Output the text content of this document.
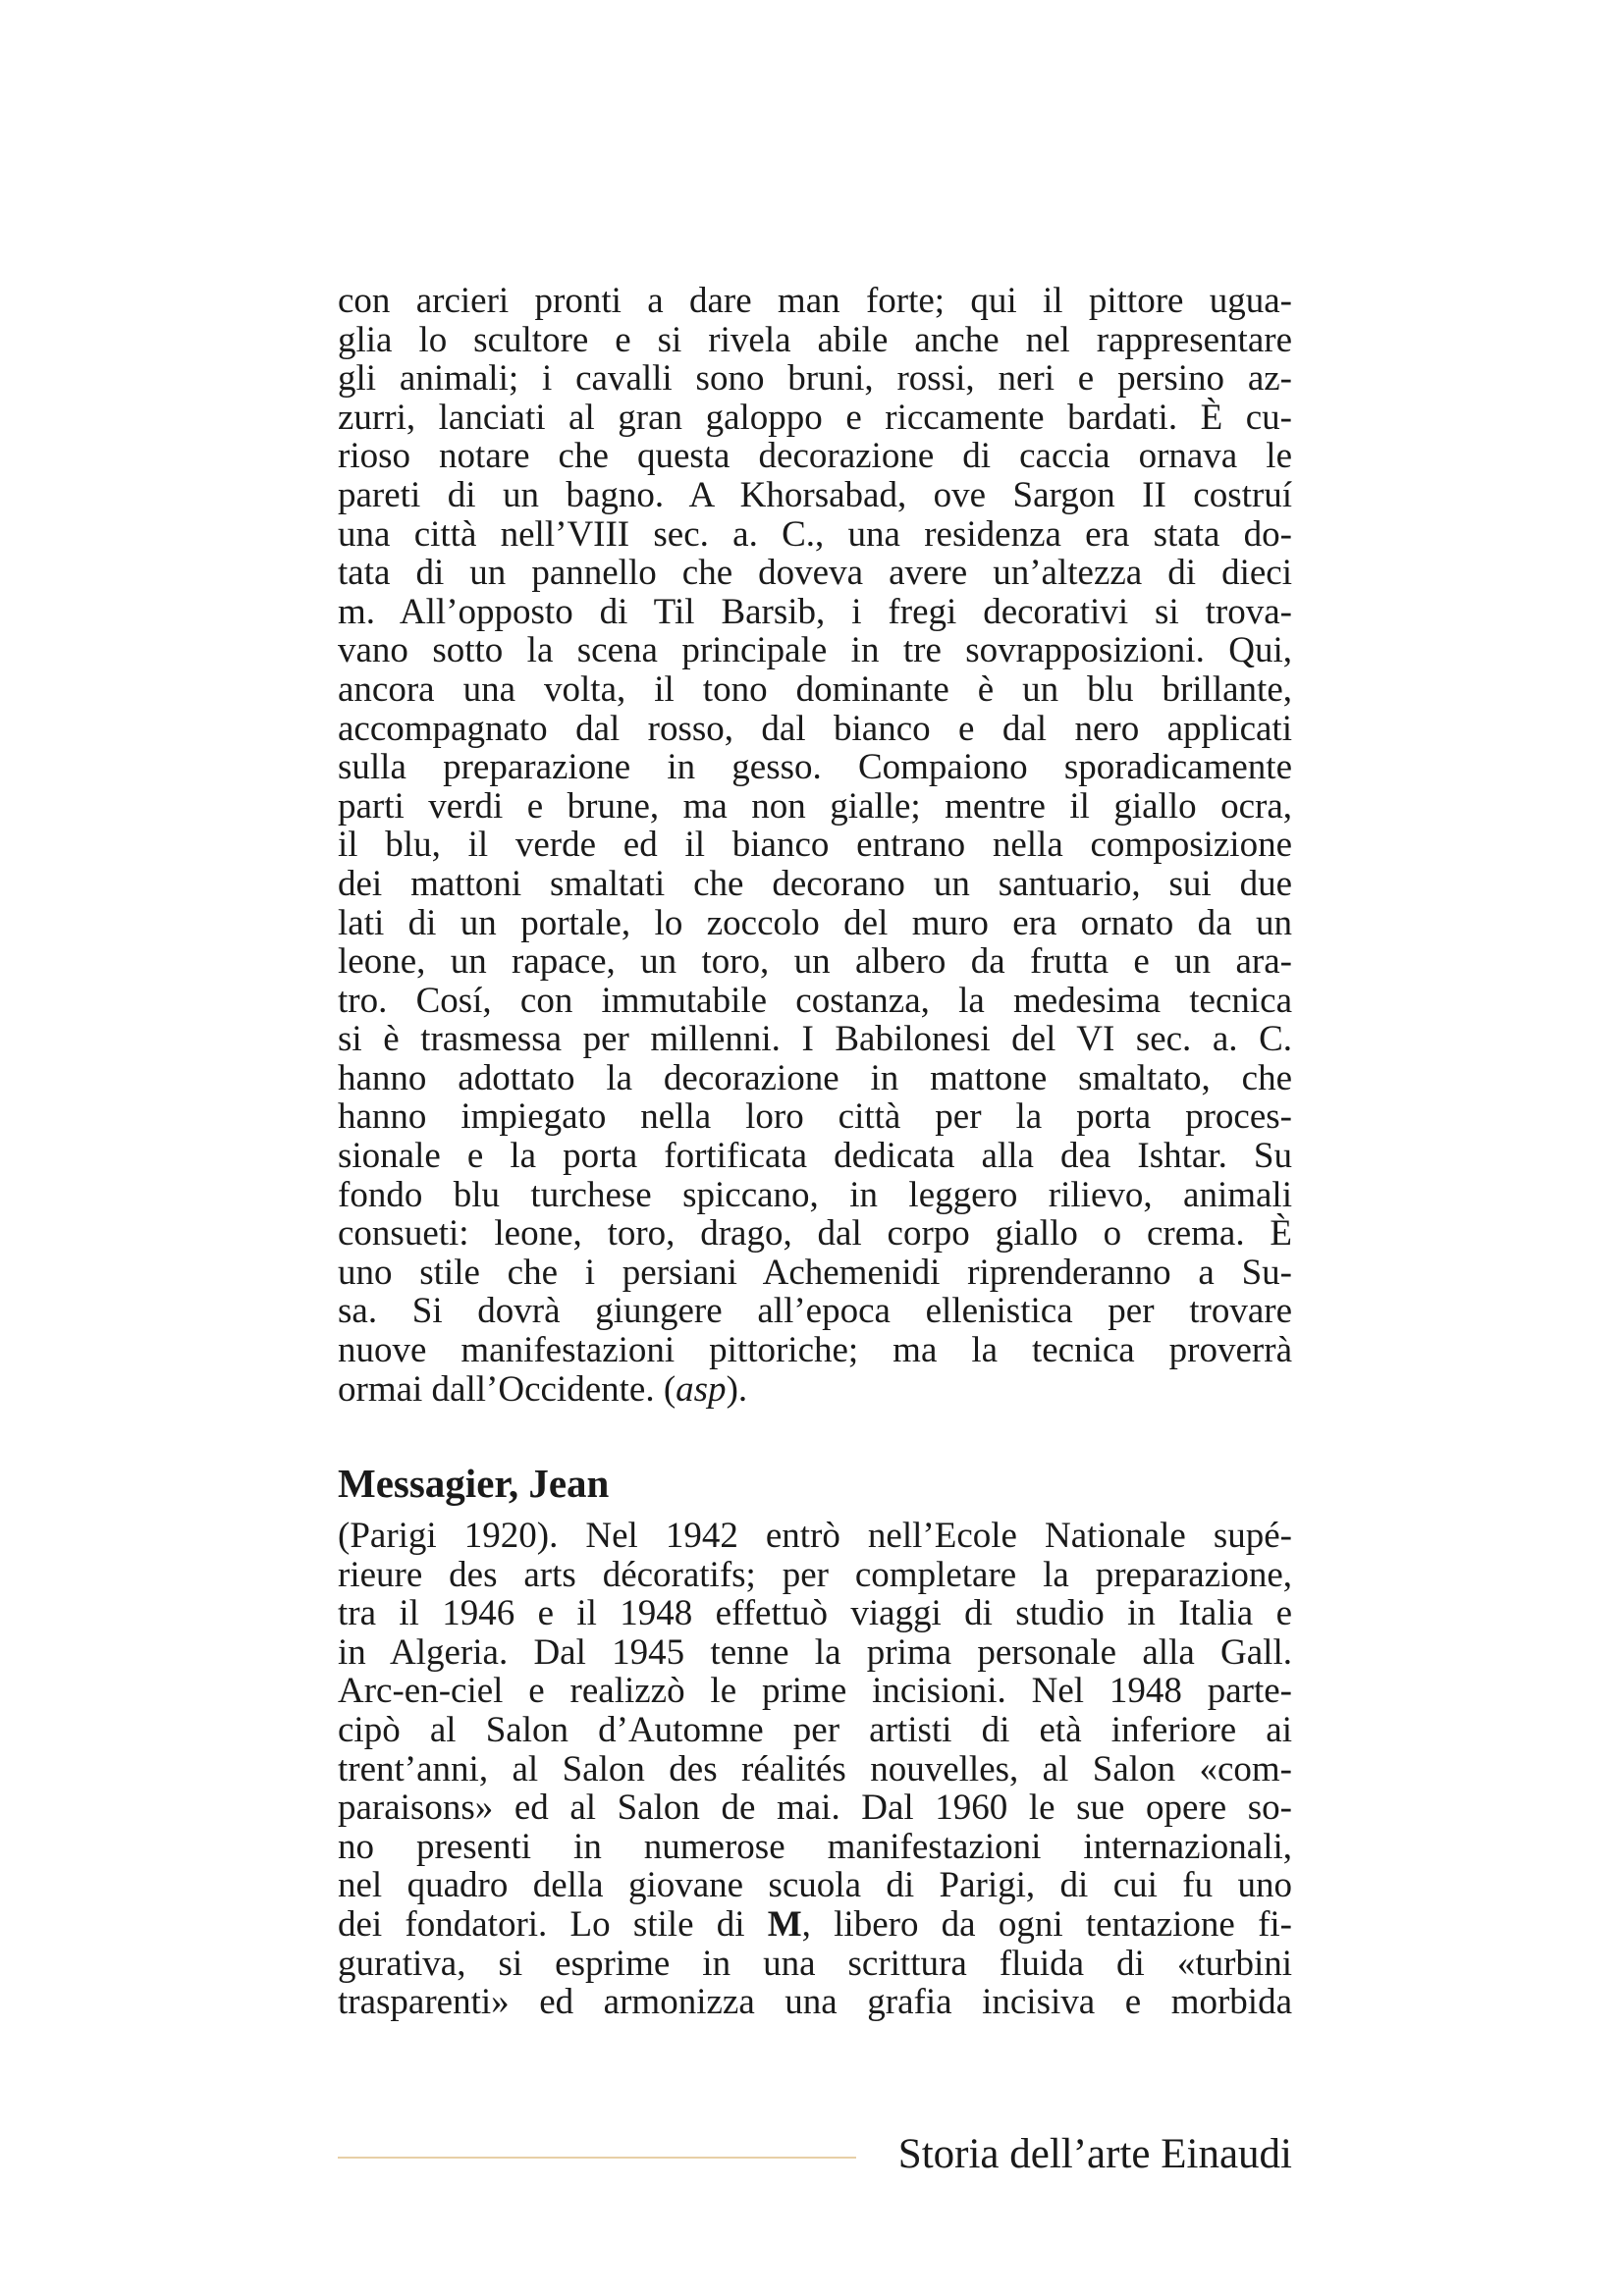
con arcieri pronti a dare man forte; qui il pittore ugua-
glia lo scultore e si rivela abile anche nel rappresentare
gli animali; i cavalli sono bruni, rossi, neri e persino az-
zurri, lanciati al gran galoppo e riccamente bardati. È cu-
rioso notare che questa decorazione di caccia ornava le
pareti di un bagno. A Khorsabad, ove Sargon II costruí
una città nell’VIII sec. a. C., una residenza era stata do-
tata di un pannello che doveva avere un’altezza di dieci
m. All’opposto di Til Barsib, i fregi decorativi si trova-
vano sotto la scena principale in tre sovrapposizioni. Qui,
ancora una volta, il tono dominante è un blu brillante,
accompagnato dal rosso, dal bianco e dal nero applicati
sulla preparazione in gesso. Compaiono sporadicamente
parti verdi e brune, ma non gialle; mentre il giallo ocra,
il blu, il verde ed il bianco entrano nella composizione
dei mattoni smaltati che decorano un santuario, sui due
lati di un portale, lo zoccolo del muro era ornato da un
leone, un rapace, un toro, un albero da frutta e un ara-
tro. Cosí, con immutabile costanza, la medesima tecnica
si è trasmessa per millenni. I Babilonesi del VI sec. a. C.
hanno adottato la decorazione in mattone smaltato, che
hanno impiegato nella loro città per la porta proces-
sionale e la porta fortificata dedicata alla dea Ishtar. Su
fondo blu turchese spiccano, in leggero rilievo, animali
consueti: leone, toro, drago, dal corpo giallo o crema. È
uno stile che i persiani Achemenidi riprenderanno a Su-
sa. Si dovrà giungere all’epoca ellenistica per trovare
nuove manifestazioni pittoriche; ma la tecnica proverrà
ormai dall’Occidente. (asp).
Messagier, Jean
(Parigi 1920). Nel 1942 entrò nell’Ecole Nationale supé-
rieure des arts décoratifs; per completare la preparazione,
tra il 1946 e il 1948 effettuò viaggi di studio in Italia e
in Algeria. Dal 1945 tenne la prima personale alla Gall.
Arc-en-ciel e realizzò le prime incisioni. Nel 1948 parte-
cipò al Salon d’Automne per artisti di età inferiore ai
trent’anni, al Salon des réalités nouvelles, al Salon «com-
paraisons» ed al Salon de mai. Dal 1960 le sue opere so-
no presenti in numerose manifestazioni internazionali,
nel quadro della giovane scuola di Parigi, di cui fu uno
dei fondatori. Lo stile di M, libero da ogni tentazione fi-
gurativa, si esprime in una scrittura fluida di «turbini
trasparenti» ed armonizza una grafia incisiva e morbida
Storia dell’arte Einaudi
